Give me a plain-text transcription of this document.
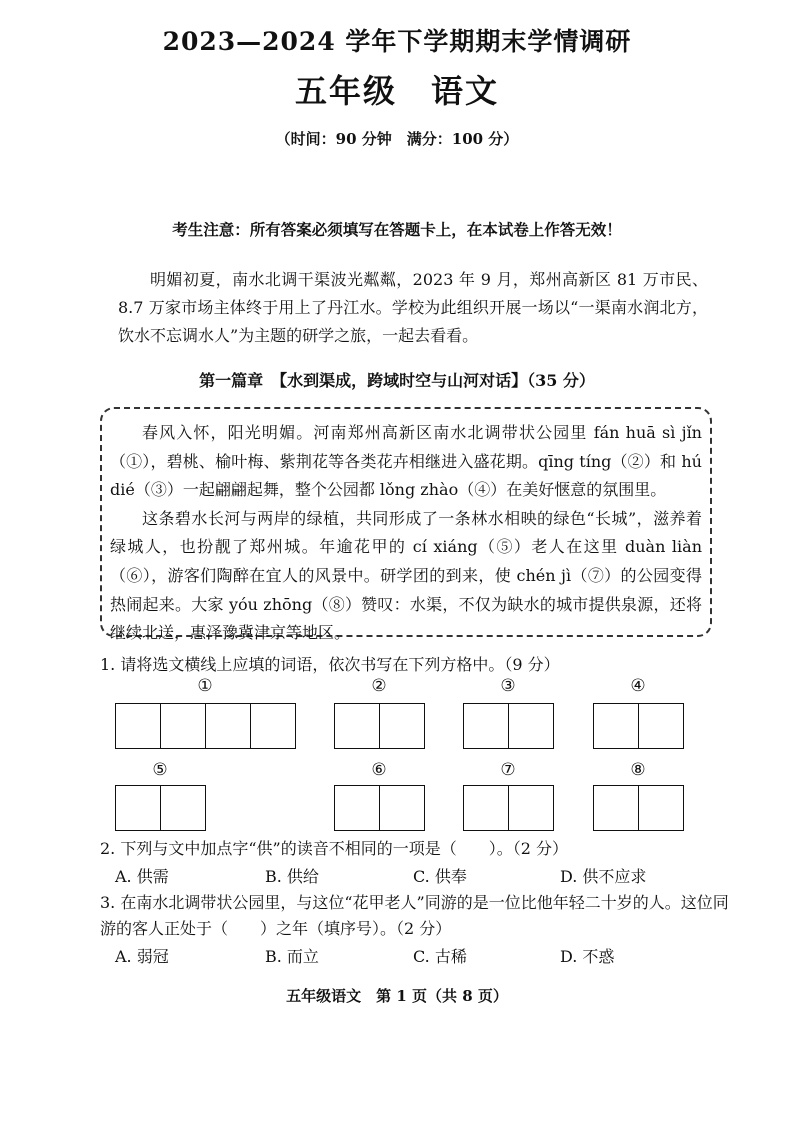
2023—2024 学年下学期期末学情调研
五年级　语文
（时间：90 分钟　满分：100 分）
考生注意：所有答案必须填写在答题卡上，在本试卷上作答无效！

明媚初夏，南水北调干渠波光粼粼，2023 年 9 月，郑州高新区 81 万市民、8.7 万家市场主体终于用上了丹江水。学校为此组织开展一场以“一渠南水润北方，饮水不忘调水人”为主题的研学之旅，一起去看看。

第一篇章　【水到渠成，跨域时空与山河对话】（35 分）

春风入怀，阳光明媚。河南郑州高新区南水北调带状公园里 fán huā sì jǐn（①），碧桃、榆叶梅、紫荆花等各类花卉相继进入盛花期。qīng tíng（②）和 hú dié（③）一起翩翩起舞，整个公园都 lǒng zhào（④）在美好惬意的氛围里。

这条碧水长河与两岸的绿植，共同形成了一条林水相映的绿色“长城”，滋养着绿城人，也扮靓了郑州城。年逾花甲的 cí xiáng（⑤）老人在这里 duàn liàn（⑥），游客们陶醉在宜人的风景中。研学团的到来，使 chén jì（⑦）的公园变得热闹起来。大家 yóu zhōng（⑧）赞叹：水渠，不仅为缺水的城市提供泉源，还将继续北送，惠泽豫冀津京等地区。

1. 请将选文横线上应填的词语，依次书写在下列方格中。（9 分）
①	②	③	④
⑤	⑥	⑦	⑧
2. 下列与文中加点字“供”的读音不相同的一项是（　　）。（2 分）
A. 供需	B. 供给	C. 供奉	D. 供不应求
3. 在南水北调带状公园里，与这位“花甲老人”同游的是一位比他年轻二十岁的人。这位同游的客人正处于（　　）之年（填序号）。（2 分）
A. 弱冠	B. 而立	C. 古稀	D. 不惑
五年级语文　第 1 页（共 8 页）
